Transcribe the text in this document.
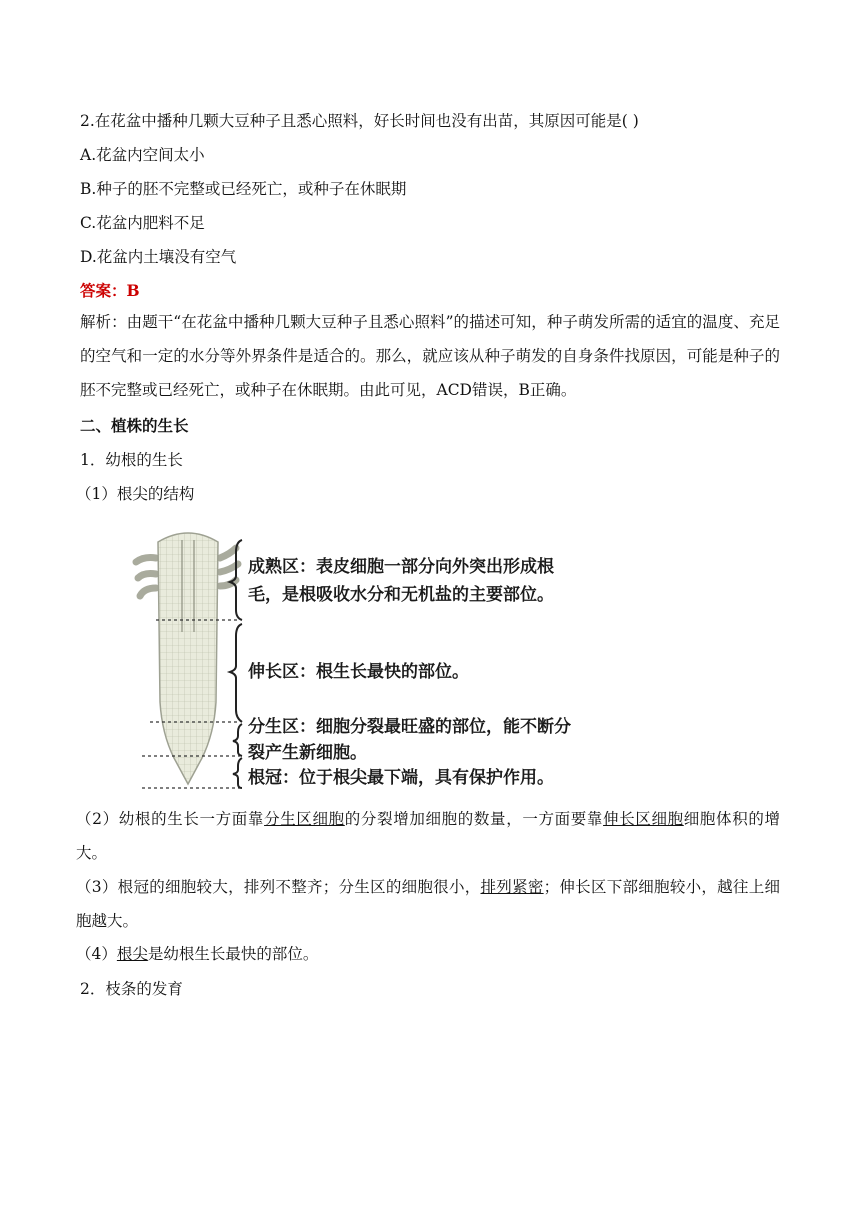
2.在花盆中播种几颗大豆种子且悉心照料，好长时间也没有出苗，其原因可能是( )
A.花盆内空间太小
B.种子的胚不完整或已经死亡，或种子在休眠期
C.花盆内肥料不足
D.花盆内土壤没有空气
答案：B
解析：由题干“在花盆中播种几颗大豆种子且悉心照料”的描述可知，种子萌发所需的适宜的温度、充足的空气和一定的水分等外界条件是适合的。那么，就应该从种子萌发的自身条件找原因，可能是种子的胚不完整或已经死亡，或种子在休眠期。由此可见，ACD错误，B正确。
二、植株的生长
1．幼根的生长
（1）根尖的结构
成熟区：表皮细胞一部分向外突出形成根
毛，是根吸收水分和无机盐的主要部位。
伸长区：根生长最快的部位。
分生区：细胞分裂最旺盛的部位，能不断分
裂产生新细胞。
根冠：位于根尖最下端，具有保护作用。
（2）幼根的生长一方面靠分生区细胞的分裂增加细胞的数量，一方面要靠伸长区细胞细胞体积的增大。
（3）根冠的细胞较大，排列不整齐；分生区的细胞很小，排列紧密；伸长区下部细胞较小，越往上细胞越大。
（4）根尖是幼根生长最快的部位。
2．枝条的发育
